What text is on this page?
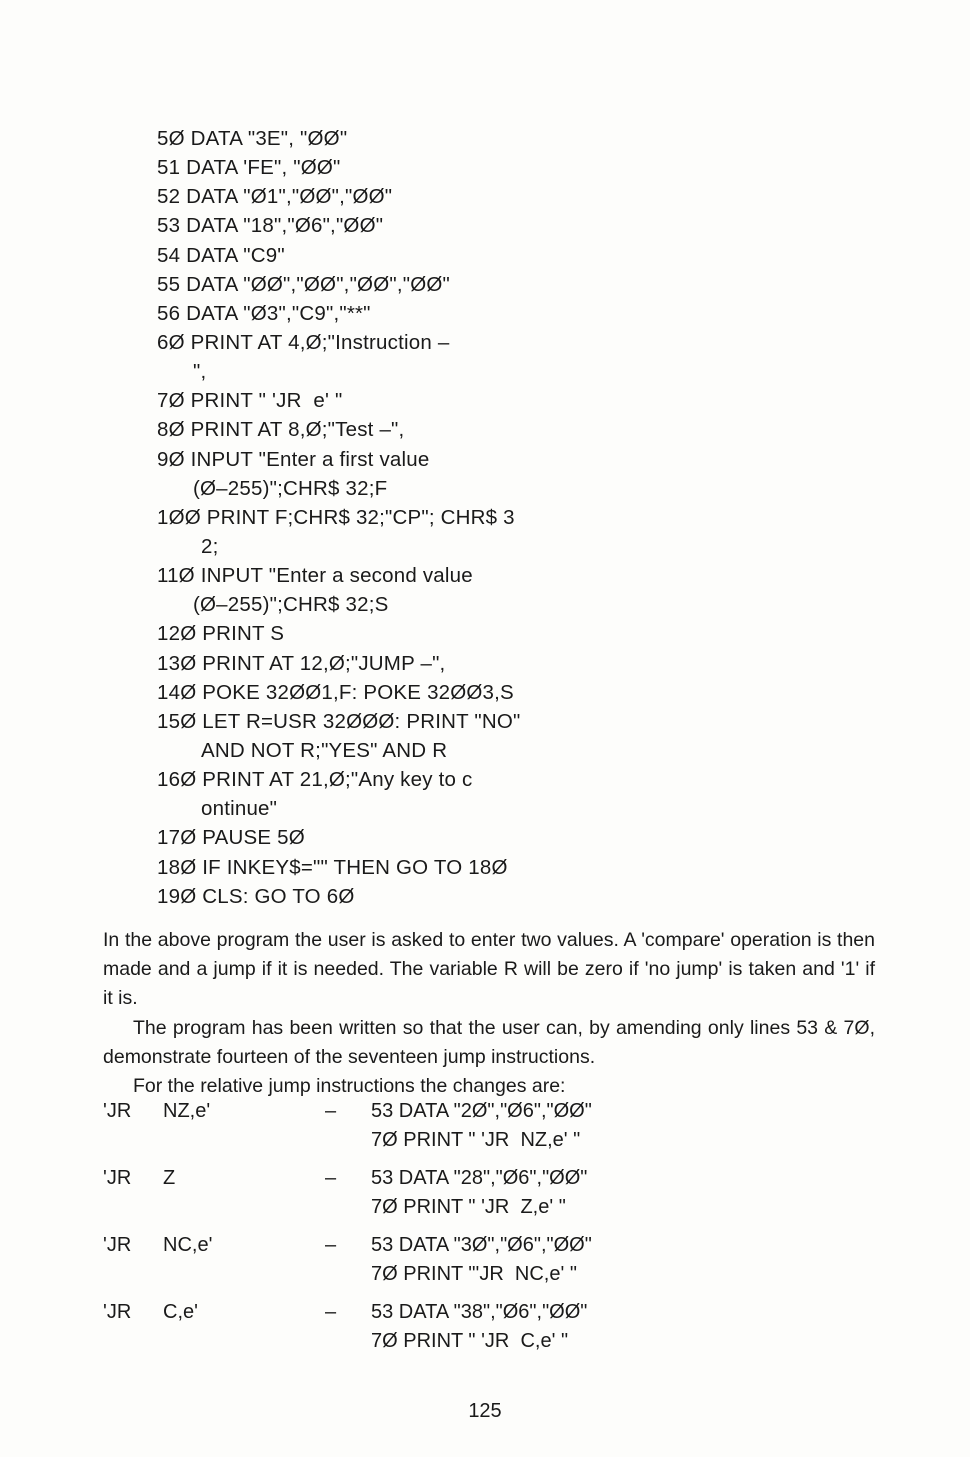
5Ø DATA "3E", "ØØ"
51 DATA 'FE", "ØØ"
52 DATA "Ø1","ØØ","ØØ"
53 DATA "18","Ø6","ØØ"
54 DATA "C9"
55 DATA "ØØ","ØØ","ØØ","ØØ"
56 DATA "Ø3","C9","**"
6Ø PRINT AT 4,Ø;"Instruction –
",
7Ø PRINT " 'JR  e' "
8Ø PRINT AT 8,Ø;"Test –",
9Ø INPUT "Enter a first value
(Ø–255)";CHR$ 32;F
1ØØ PRINT F;CHR$ 32;"CP"; CHR$ 3
2;
11Ø INPUT "Enter a second value
(Ø–255)";CHR$ 32;S
12Ø PRINT S
13Ø PRINT AT 12,Ø;"JUMP –",
14Ø POKE 32ØØ1,F: POKE 32ØØ3,S
15Ø LET R=USR 32ØØØ: PRINT "NO"
AND NOT R;"YES" AND R
16Ø PRINT AT 21,Ø;"Any key to c
ontinue"
17Ø PAUSE 5Ø
18Ø IF INKEY$="" THEN GO TO 18Ø
19Ø CLS: GO TO 6Ø

In the above program the user is asked to enter two values. A 'compare' operation is then made and a jump if it is needed. The variable R will be zero if 'no jump' is taken and '1' if it is.

The program has been written so that the user can, by amending only lines 53 & 7Ø, demonstrate fourteen of the seventeen jump instructions.

For the relative jump instructions the changes are:

'JR	NZ,e'	– 53 DATA "2Ø","Ø6","ØØ"
7Ø PRINT " 'JR  NZ,e' "
'JR	Z	– 53 DATA "28","Ø6","ØØ"
7Ø PRINT " 'JR  Z,e' "
'JR	NC,e'	– 53 DATA "3Ø","Ø6","ØØ"
7Ø PRINT "'JR  NC,e' "
'JR	C,e'	– 53 DATA "38","Ø6","ØØ"
7Ø PRINT " 'JR  C,e' "
125
